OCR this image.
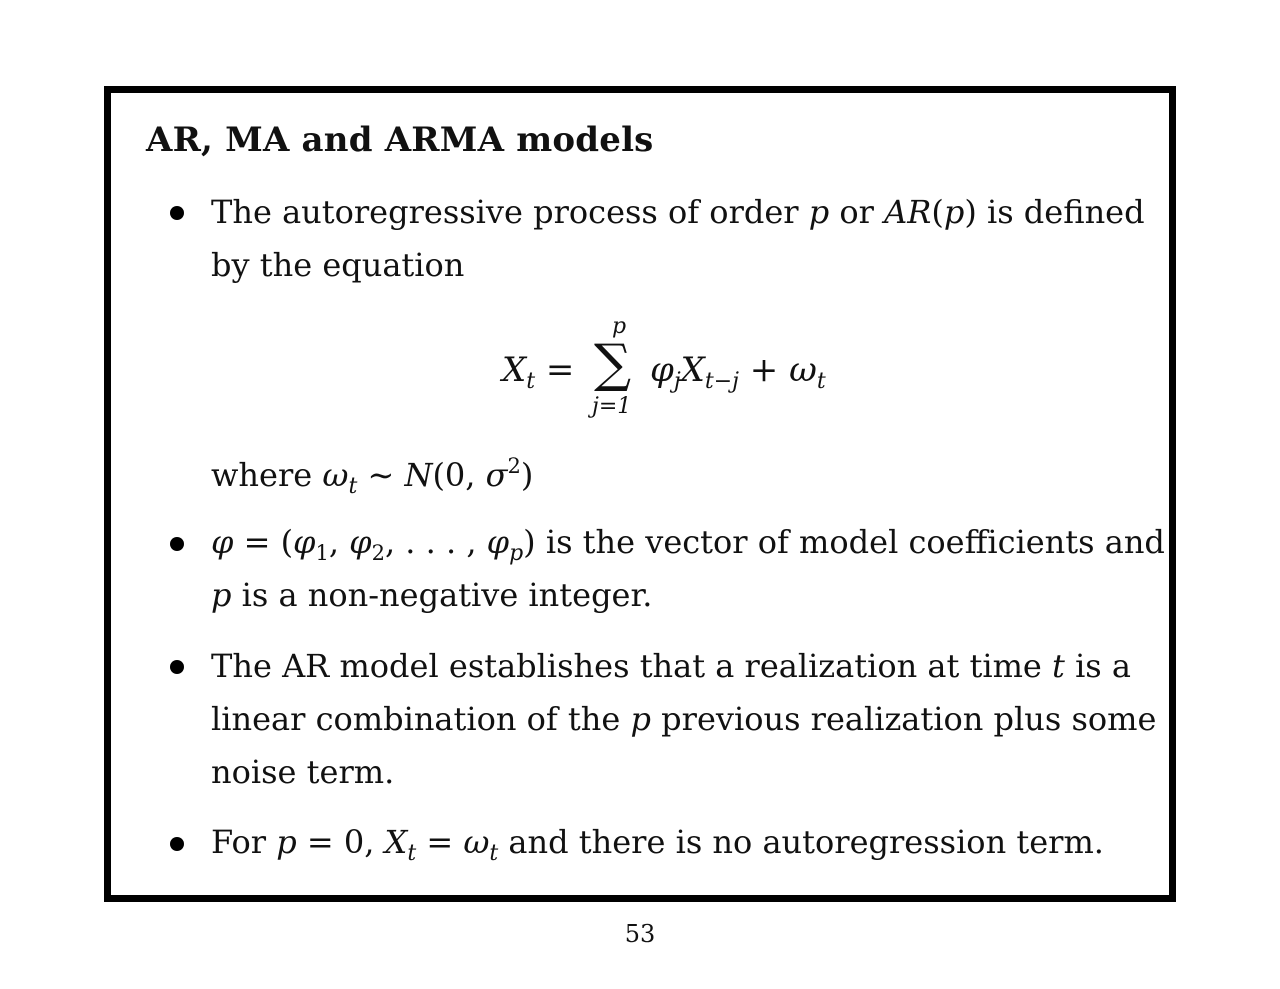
AR, MA and ARMA models
The autoregressive process of order p or AR(p) is defined
by the equation
$X_t$ = ∑
p
j=1
$\varphi_jX_{t-j} + \omega_t$
where $\omega_t$ ∼ N(0, $\sigma^2$)
$\varphi = (\varphi_1$, $\varphi_2$, . . . , $\varphi_p$) is the vector of model coefficients and
p is a non-negative integer.
The AR model establishes that a realization at time t is a
linear combination of the p previous realization plus some
noise term.
For p = 0, $X_t = \omega_t$ and there is no autoregression term.
53
